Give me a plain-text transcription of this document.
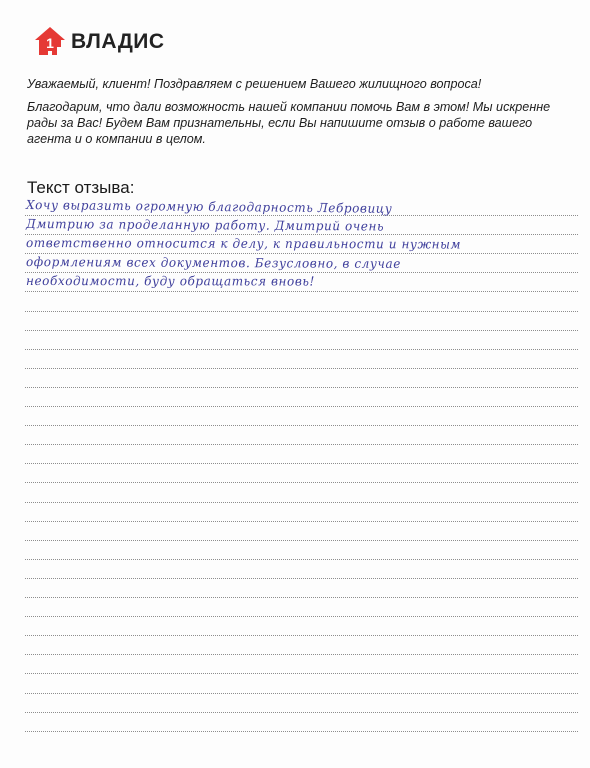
1 ВЛАДИС

Уважаемый, клиент! Поздравляем с решением Вашего жилищного вопроса!

Благодарим, что дали возможность нашей компании помочь Вам в этом! Мы искренне рады за Вас! Будем Вам признательны, если Вы напишите отзыв о работе вашего агента и о компании в целом.

Текст отзыва:
Хочу выразить огромную благодарность Лебровицу
Дмитрию за проделанную работу. Дмитрий очень
ответственно относится к делу, к правильности и нужным
оформлениям всех документов. Безусловно, в случае
необходимости, буду обращаться вновь!
